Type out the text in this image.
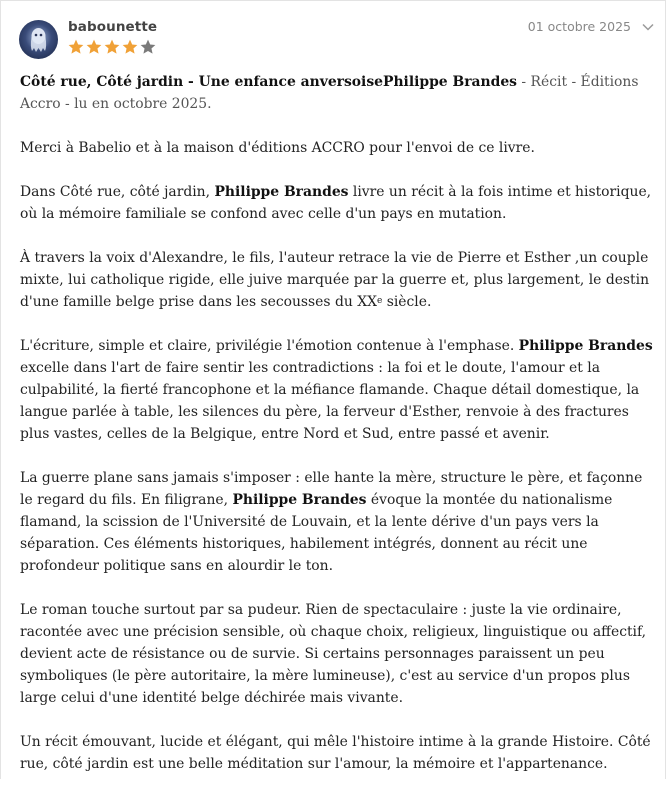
babounette	01 octobre 2025

Côté rue, Côté jardin - Une enfance anversoisePhilippe Brandes - Récit - Éditions Accro - lu en octobre 2025.

Merci à Babelio et à la maison d'éditions ACCRO pour l'envoi de ce livre.

Dans Côté rue, côté jardin, Philippe Brandes livre un récit à la fois intime et historique, où la mémoire familiale se confond avec celle d'un pays en mutation.

À travers la voix d'Alexandre, le fils, l'auteur retrace la vie de Pierre et Esther ,un couple mixte, lui catholique rigide, elle juive marquée par la guerre et, plus largement, le destin d'une famille belge prise dans les secousses du XXe siècle.

L'écriture, simple et claire, privilégie l'émotion contenue à l'emphase. Philippe Brandes excelle dans l'art de faire sentir les contradictions : la foi et le doute, l'amour et la culpabilité, la fierté francophone et la méfiance flamande. Chaque détail domestique, la langue parlée à table, les silences du père, la ferveur d'Esther, renvoie à des fractures plus vastes, celles de la Belgique, entre Nord et Sud, entre passé et avenir.

La guerre plane sans jamais s'imposer : elle hante la mère, structure le père, et façonne le regard du fils. En filigrane, Philippe Brandes évoque la montée du nationalisme flamand, la scission de l'Université de Louvain, et la lente dérive d'un pays vers la séparation. Ces éléments historiques, habilement intégrés, donnent au récit une profondeur politique sans en alourdir le ton.

Le roman touche surtout par sa pudeur. Rien de spectaculaire : juste la vie ordinaire, racontée avec une précision sensible, où chaque choix, religieux, linguistique ou affectif, devient acte de résistance ou de survie. Si certains personnages paraissent un peu symboliques (le père autoritaire, la mère lumineuse), c'est au service d'un propos plus large celui d'une identité belge déchirée mais vivante.

Un récit émouvant, lucide et élégant, qui mêle l'histoire intime à la grande Histoire. Côté rue, côté jardin est une belle méditation sur l'amour, la mémoire et l'appartenance.
